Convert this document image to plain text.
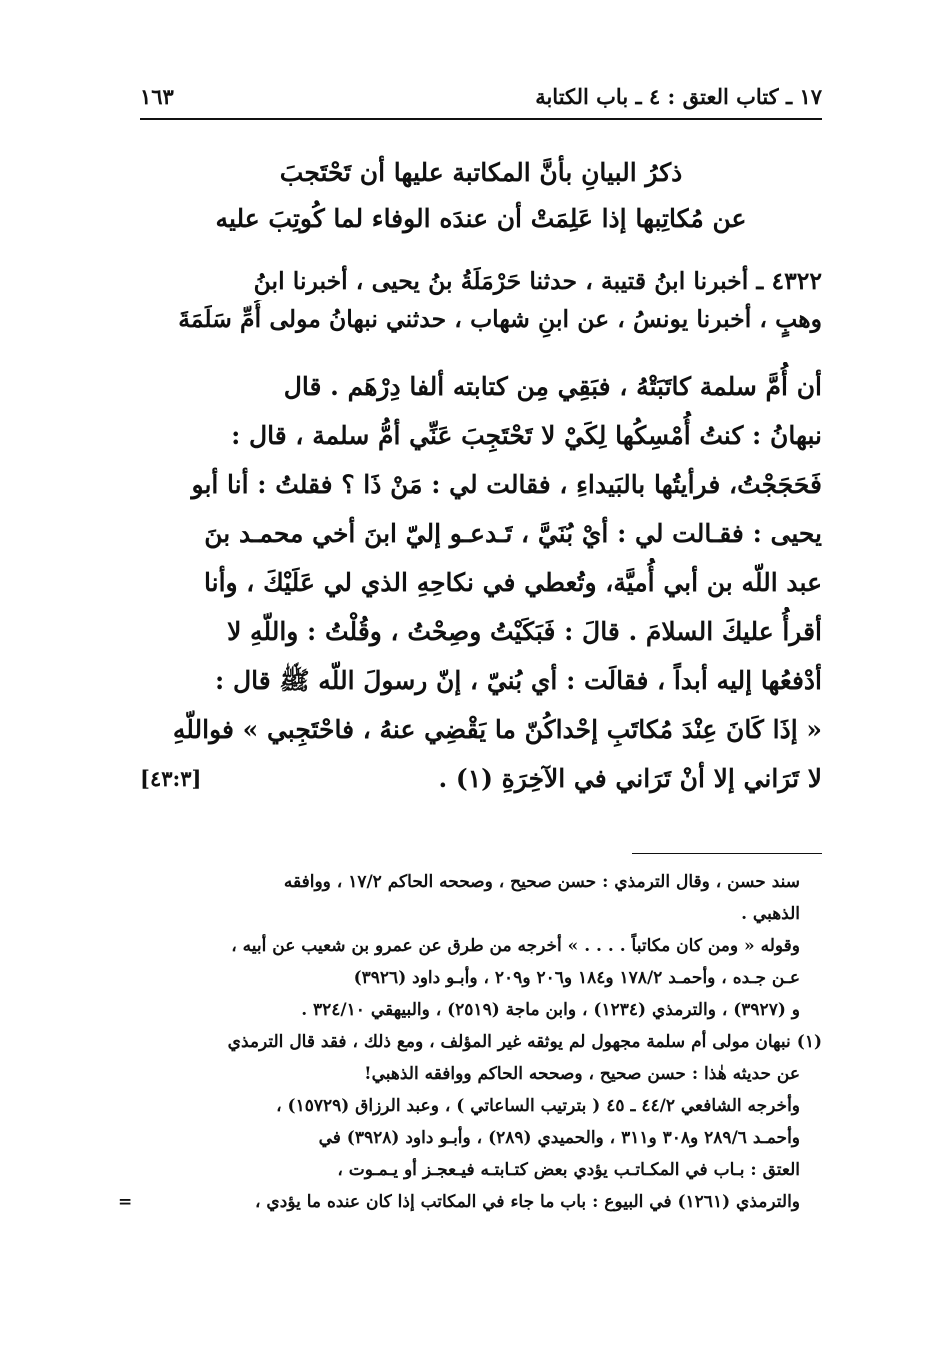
١٧ ـ كتاب العتق : ٤ ـ باب الكتابة
١٦٣
ذكرُ البيانِ بأنَّ المكاتبة عليها أن تَحْتَجبَ
عن مُكاتِبها إذا عَلِمَتْ أن عندَه الوفاء لما كُوتِبَ عليه
٤٣٢٢ ـ أخبرنا ابنُ قتيبة ، حدثنا حَرْمَلَةُ بنُ يحيى ، أخبرنا ابنُ
وهبٍ ، أخبرنا يونسُ ، عن ابنِ شهاب ، حدثني نبهانُ مولى أُمِّ سَلَمَةَ
أن أُمَّ سلمة كاتَبَتْهُ ، فبَقِي مِن كتابته ألفا دِرْهَم . قال
نبهانُ : كنتُ أُمْسِكُها لِكَيْ لا تَحْتَجِبَ عَنِّي أمُّ سلمة ، قال :
فَحَجَجْتُ، فرأيتُها بالبَيداءِ ، فقالت لي : مَنْ ذَا ؟ فقلتُ : أنا أبو
يحيى : فقـالت لي : أيْ بُنَيَّ ، تَـدعـو إليّ ابنَ أخي محمـد بنَ
عبد اللّه بن أبي أُميَّة، وتُعطي في نكاحِهِ الذي لي عَلَيْكَ ، وأنا
أقرأُ عليكَ السلامَ . قالَ : فَبَكَيْتُ وصِحْتُ ، وقُلْتُ : واللّهِ لا
أدْفعُها إليه أبداً ، فقالَت : أي بُنيّ ، إنّ رسولَ اللّه ﷺ قال :
« إذَا كَانَ عِنْدَ مُكاتَبِ إحْداكُنّ ما يَقْضِي عنهُ ، فاحْتَجِبي » فواللّهِ
لا تَرَاني إلا أنْ تَرَاني في الآخِرَةِ (١) .
[٤٣:٣]
سند حسن ، وقال الترمذي : حسن صحيح ، وصححه الحاكم ١٧/٢ ، ووافقه
الذهبي .
وقوله « ومن كان مكاتباً . . . . » أخرجه من طرق عن عمرو بن شعيب عن أبيه ،
عـن جـده ، وأحمـد ١٧٨/٢ و١٨٤ و٢٠٦ و٢٠٩ ، وأبـو داود (٣٩٢٦)
و (٣٩٢٧) ، والترمذي (١٢٣٤) ، وابن ماجة (٢٥١٩) ، والبيهقي ٣٢٤/١٠ .
(١)نبهان مولى أم سلمة مجهول لم يوثقه غير المؤلف ، ومع ذلك ، فقد قال الترمذي
عن حديثه هٰذا : حسن صحيح ، وصححه الحاكم ووافقه الذهبي!
وأخرجه الشافعي ٤٤/٢ ـ ٤٥ ( بترتيب الساعاتي ) ، وعبد الرزاق (١٥٧٢٩) ،
وأحمـد ٢٨٩/٦ و٣٠٨ و٣١١ ، والحميدي (٢٨٩) ، وأبـو داود (٣٩٢٨) في
العتق : بـاب في المكـاتـب يؤدي بعض كتـابتـه فيـعجـز أو يـمـوت ،
والترمذي (١٢٦١) في البيوع : باب ما جاء في المكاتب إذا كان عنده ما يؤدي ،
=
